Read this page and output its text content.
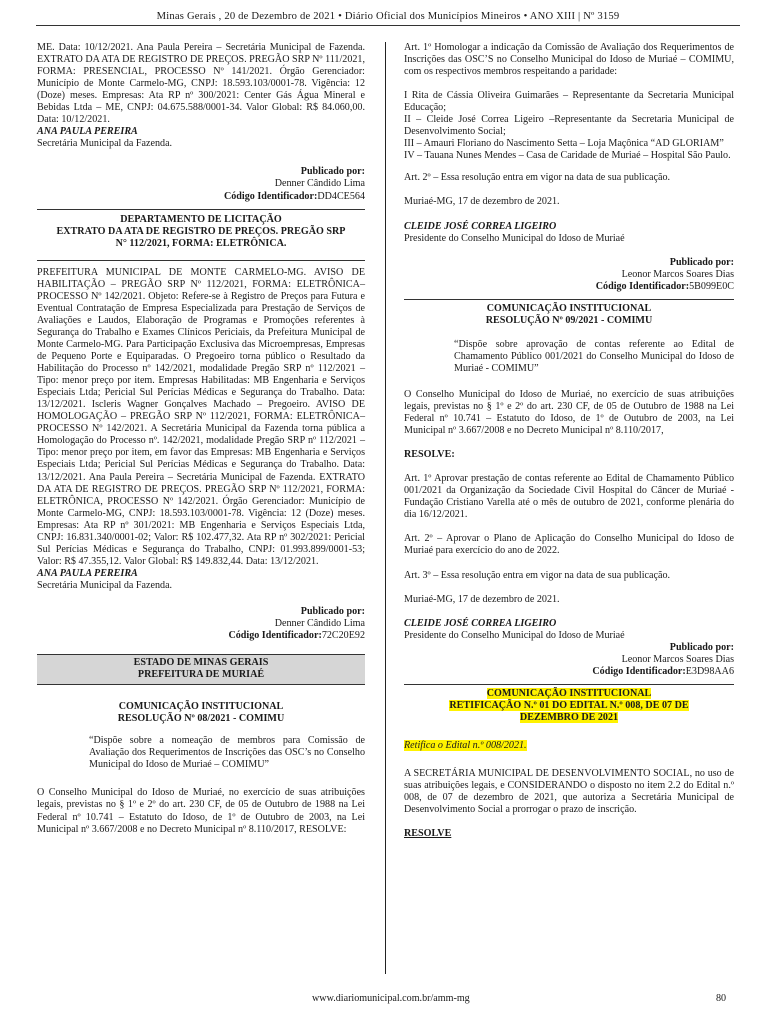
Minas Gerais , 20 de Dezembro de 2021 • Diário Oficial dos Municípios Mineiros • ANO XIII | Nº 3159

ME. Data: 10/12/2021. Ana Paula Pereira – Secretária Municipal de Fazenda. EXTRATO DA ATA DE REGISTRO DE PREÇOS. PREGÃO SRP Nº 111/2021, FORMA: PRESENCIAL, PROCESSO Nº 141/2021. Órgão Gerenciador: Município de Monte Carmelo-MG, CNPJ: 18.593.103/0001-78. Vigência: 12 (Doze) meses. Empresas: Ata RP nº 300/2021: Center Gás Água Mineral e Bebidas Ltda – ME, CNPJ: 04.675.588/0001-34. Valor Global: R$ 84.060,00. Data: 10/12/2021.

ANA PAULA PEREIRA

Secretária Municipal da Fazenda.

Publicado por:

Denner Cândido Lima

Código Identificador:DD4CE564

DEPARTAMENTO DE LICITAÇÃO

EXTRATO DA ATA DE REGISTRO DE PREÇOS. PREGÃO SRP N° 112/2021, FORMA: ELETRÔNICA.

PREFEITURA MUNICIPAL DE MONTE CARMELO-MG. AVISO DE HABILITAÇÃO – PREGÃO SRP Nº 112/2021, FORMA: ELETRÔNICA– PROCESSO Nº 142/2021. Objeto: Refere-se à Registro de Preços para Futura e Eventual Contratação de Empresa Especializada para Prestação de Serviços de Avaliações e Laudos, Elaboração de Programas e Promoções referentes à Segurança do Trabalho e Exames Clínicos Periciais, da Prefeitura Municipal de Monte Carmelo-MG. Para Participação Exclusiva das Microempresas, Empresas de Pequeno Porte e Equiparadas. O Pregoeiro torna público o Resultado da Habilitação do Processo nº 142/2021, modalidade Pregão SRP nº 112/2021 – Tipo: menor preço por item. Empresas Habilitadas: MB Engenharia e Serviços Especiais Ltda; Pericial Sul Perícias Médicas e Segurança do Trabalho. Data: 13/12/2021. Iscleris Wagner Gonçalves Machado – Pregoeiro. AVISO DE HOMOLOGAÇÃO – PREGÃO SRP Nº 112/2021, FORMA: ELETRÔNICA– PROCESSO Nº 142/2021. A Secretária Municipal da Fazenda torna pública a Homologação do Processo nº. 142/2021, modalidade Pregão SRP nº 112/2021 – Tipo: menor preço por item, em favor das Empresas: MB Engenharia e Serviços Especiais Ltda; Pericial Sul Perícias Médicas e Segurança do Trabalho. Data: 13/12/2021. Ana Paula Pereira – Secretária Municipal de Fazenda. EXTRATO DA ATA DE REGISTRO DE PREÇOS. PREGÃO SRP Nº 112/2021, FORMA: ELETRÔNICA, PROCESSO Nº 142/2021. Órgão Gerenciador: Município de Monte Carmelo-MG, CNPJ: 18.593.103/0001-78. Vigência: 12 (Doze) meses. Empresas: Ata RP nº 301/2021: MB Engenharia e Serviços Especiais Ltda, CNPJ: 16.831.340/0001-02; Valor: R$ 102.477,32. Ata RP nº 302/2021: Pericial Sul Perícias Médicas e Segurança do Trabalho, CNPJ: 01.993.899/0001-53; Valor: R$ 47.355,12. Valor Global: R$ 149.832,44. Data: 13/12/2021.

ANA PAULA PEREIRA

Secretária Municipal da Fazenda.

Publicado por:

Denner Cândido Lima

Código Identificador:72C20E92

ESTADO DE MINAS GERAIS

PREFEITURA DE MURIAÉ

COMUNICAÇÃO INSTITUCIONAL

RESOLUÇÃO Nº 08/2021 - COMIMU

“Dispõe sobre a nomeação de membros para Comissão de Avaliação dos Requerimentos de Inscrições das OSC’s no Conselho Municipal do Idoso de Muriaé – COMIMU”

O Conselho Municipal do Idoso de Muriaé, no exercício de suas atribuições legais, previstas no § 1º e 2º do art. 230 CF, de 05 de Outubro de 1988 na Lei Federal nº 10.741 – Estatuto do Idoso, de 1º de Outubro de 2003, na Lei Municipal nº 3.667/2008 e no Decreto Municipal nº 8.110/2017, RESOLVE:

Art. 1º Homologar a indicação da Comissão de Avaliação dos Requerimentos de Inscrições das OSC’S no Conselho Municipal do Idoso de Muriaé – COMIMU, com os respectivos membros respeitando a paridade:

I Rita de Cássia Oliveira Guimarães – Representante da Secretaria Municipal Educação;

II – Cleide José Correa Ligeiro –Representante da Secretaria Municipal de Desenvolvimento Social;

III – Amauri Floriano do Nascimento Setta – Loja Maçônica “AD GLORIAM”

IV – Tauana Nunes Mendes – Casa de Caridade de Muriaé – Hospital São Paulo.

Art. 2º – Essa resolução entra em vigor na data de sua publicação.

Muriaé-MG, 17 de dezembro de 2021.

CLEIDE JOSÉ CORREA LIGEIRO

Presidente do Conselho Municipal do Idoso de Muriaé

Publicado por:

Leonor Marcos Soares Dias

Código Identificador:5B099E0C

COMUNICAÇÃO INSTITUCIONAL

RESOLUÇÃO Nº 09/2021 - COMIMU

“Dispõe sobre aprovação de contas referente ao Edital de Chamamento Público 001/2021 do Conselho Municipal do Idoso de Muriaé - COMIMU”

O Conselho Municipal do Idoso de Muriaé, no exercício de suas atribuições legais, previstas no § 1º e 2º do art. 230 CF, de 05 de Outubro de 1988 na Lei Federal nº 10.741 – Estatuto do Idoso, de 1º de Outubro de 2003, na Lei Municipal nº 3.667/2008 e no Decreto Municipal nº 8.110/2017,

RESOLVE:

Art. 1º Aprovar prestação de contas referente ao Edital de Chamamento Público 001/2021 da Organização da Sociedade Civil Hospital do Câncer de Muriaé - Fundação Cristiano Varella até o mês de outubro de 2021, conforme plenária do dia 16/12/2021.

Art. 2º – Aprovar o Plano de Aplicação do Conselho Municipal do Idoso de Muriaé para exercício do ano de 2022.

Art. 3º – Essa resolução entra em vigor na data de sua publicação.

Muriaé-MG, 17 de dezembro de 2021.

CLEIDE JOSÉ CORREA LIGEIRO

Presidente do Conselho Municipal do Idoso de Muriaé

Publicado por:

Leonor Marcos Soares Dias

Código Identificador:E3D98AA6

COMUNICAÇÃO INSTITUCIONAL

RETIFICAÇÃO N.º 01 DO EDITAL N.º 008, DE 07 DE DEZEMBRO DE 2021

Retifica o Edital n.º 008/2021.

A SECRETÁRIA MUNICIPAL DE DESENVOLVIMENTO SOCIAL, no uso de suas atribuições legais, e CONSIDERANDO o disposto no item 2.2 do Edital n.º 008, de 07 de dezembro de 2021, que autoriza a Secretária Municipal de Desenvolvimento Social a prorrogar o prazo de inscrição.

RESOLVE

www.diariomunicipal.com.br/amm-mg	80
